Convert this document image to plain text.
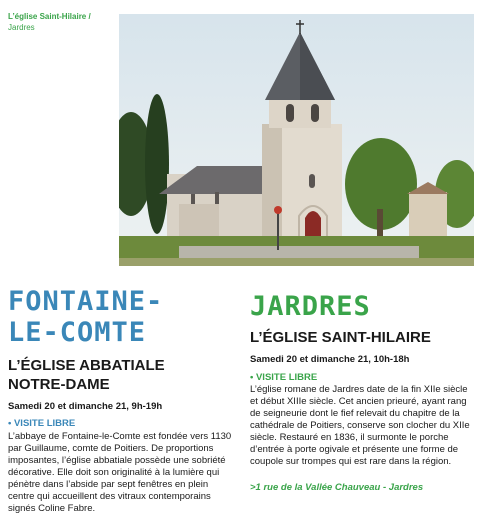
L’église Saint-Hilaire /
Jardres
FONTAINE-
LE-COMTE
L’ÉGLISE ABBATIALE
NOTRE-DAME
Samedi 20 et dimanche 21, 9h-19h
• VISITE LIBRE
L’abbaye de Fontaine-le-Comte est fondée vers 1130 par Guillaume, comte de Poitiers. De proportions imposantes, l’église abbatiale possède une sobriété décorative. Elle doit son originalité à la lumière qui pénètre dans l’abside par sept fenêtres en plein centre qui accueillent des vitraux contemporains signés Coline Fabre.
JARDRES
L’ÉGLISE SAINT-HILAIRE
Samedi 20 et dimanche 21, 10h-18h
• VISITE LIBRE
L’église romane de Jardres date de la fin XIIe siècle et début XIIIe siècle. Cet ancien prieuré, ayant rang de seigneurie dont le fief relevait du chapitre de la cathédrale de Poitiers, conserve son clocher du XIIe siècle. Restauré en 1836, il surmonte le porche d’entrée à porte ogivale et présente une forme de coupole sur trompes qui est rare dans la région.
>1 rue de la Vallée Chauveau - Jardres
